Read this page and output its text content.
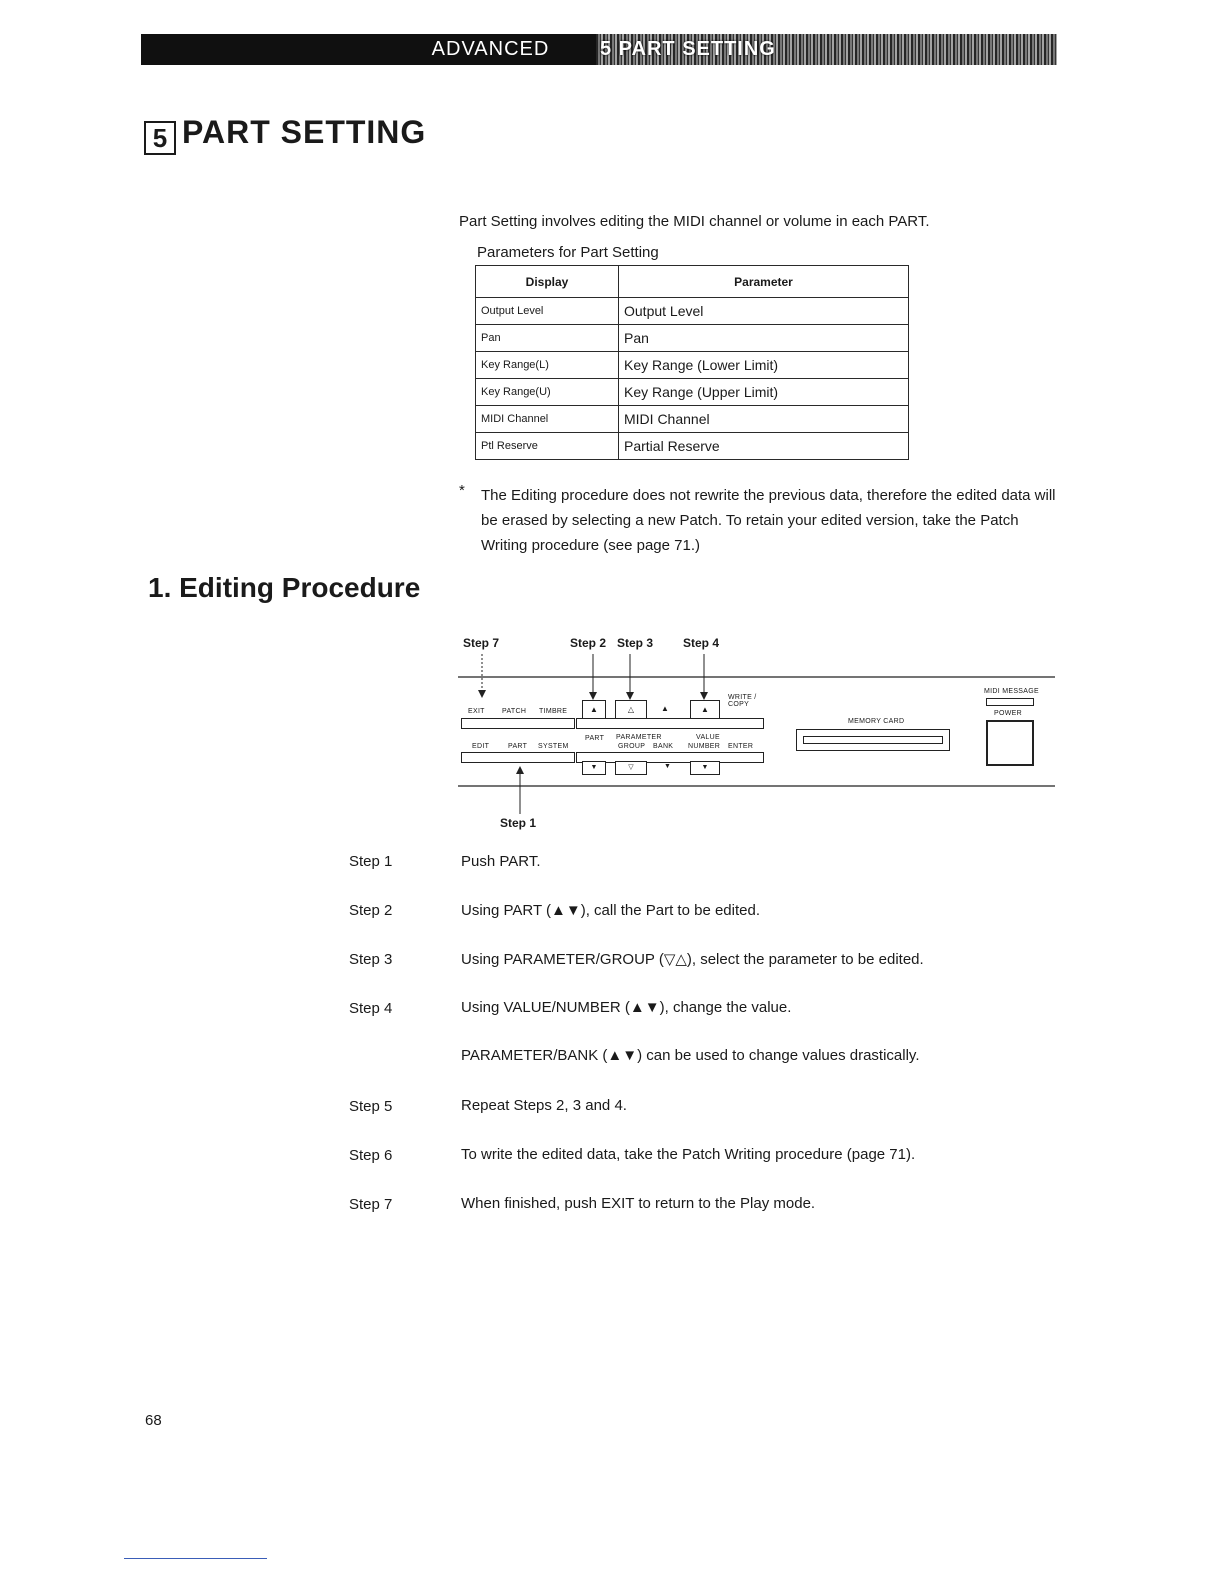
ADVANCED COURSE
5 PART SETTING
5 PART SETTING
Part Setting involves editing the MIDI channel or volume in each PART.
Parameters for Part Setting
Display	Parameter
Output Level	Output Level
Pan	Pan
Key Range(L)	Key Range (Lower Limit)
Key Range(U)	Key Range (Upper Limit)
MIDI Channel	MIDI Channel
Ptl Reserve	Partial Reserve
* The Editing procedure does not rewrite the previous data, therefore the edited data will be erased by selecting a new Patch. To retain your edited version, take the Patch Writing procedure (see page 71.)
1. Editing Procedure
Step 7	Step 2 Step 3 Step 4
Step 1
EXIT PATCH TIMBRE
EDIT	PART SYSTEM
▲	△	▲	▲
PART PARAMETER	VALUE
GROUP BANK NUMBER ENTER
▼	▽	▼	▼
WRITE / COPY
MEMORY CARD
MIDI MESSAGE
POWER
Step 1	Push PART.
Step 2	Using PART (▲▼), call the Part to be edited.
Step 3	Using PARAMETER/GROUP (▽△), select the parameter to be edited.
Step 4	Using VALUE/NUMBER (▲▼), change the value.
PARAMETER/BANK (▲▼) can be used to change values drastically.
Step 5	Repeat Steps 2, 3 and 4.
Step 6	To write the edited data, take the Patch Writing procedure (page 71).
Step 7	When finished, push EXIT to return to the Play mode.
68
